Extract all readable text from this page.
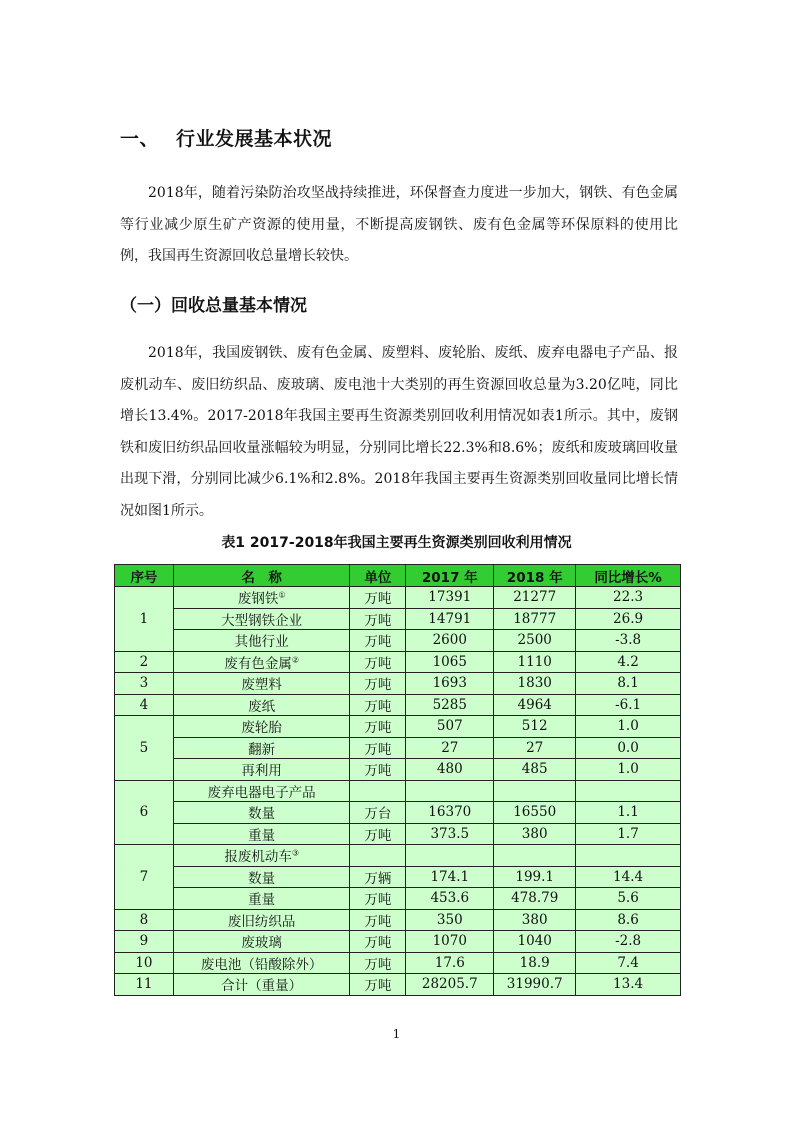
一、 行业发展基本状况

2018年，随着污染防治攻坚战持续推进，环保督查力度进一步加大，钢铁、有色金属等行业减少原生矿产资源的使用量，不断提高废钢铁、废有色金属等环保原料的使用比例，我国再生资源回收总量增长较快。

（一）回收总量基本情况

2018年，我国废钢铁、废有色金属、废塑料、废轮胎、废纸、废弃电器电子产品、报废机动车、废旧纺织品、废玻璃、废电池十大类别的再生资源回收总量为3.20亿吨，同比增长13.4%。2017-2018年我国主要再生资源类别回收利用情况如表1所示。其中，废钢铁和废旧纺织品回收量涨幅较为明显，分别同比增长22.3%和8.6%；废纸和废玻璃回收量出现下滑，分别同比减少6.1%和2.8%。2018年我国主要再生资源类别回收量同比增长情况如图1所示。

表1 2017-2018年我国主要再生资源类别回收利用情况
序号	名　称	单位	2017 年	2018 年	同比增长%
1	废钢铁①	万吨	17391	21277	22.3
	大型钢铁企业	万吨	14791	18777	26.9
	其他行业	万吨	2600	2500	-3.8
2	废有色金属②	万吨	1065	1110	4.2
3	废塑料	万吨	1693	1830	8.1
4	废纸	万吨	5285	4964	-6.1
5	废轮胎	万吨	507	512	1.0
	翻新	万吨	27	27	0.0
	再利用	万吨	480	485	1.0
6	废弃电器电子产品				
	数量	万台	16370	16550	1.1
	重量	万吨	373.5	380	1.7
7	报废机动车③				
	数量	万辆	174.1	199.1	14.4
	重量	万吨	453.6	478.79	5.6
8	废旧纺织品	万吨	350	380	8.6
9	废玻璃	万吨	1070	1040	-2.8
10	废电池（铅酸除外）	万吨	17.6	18.9	7.4
11	合计（重量）	万吨	28205.7	31990.7	13.4
1
